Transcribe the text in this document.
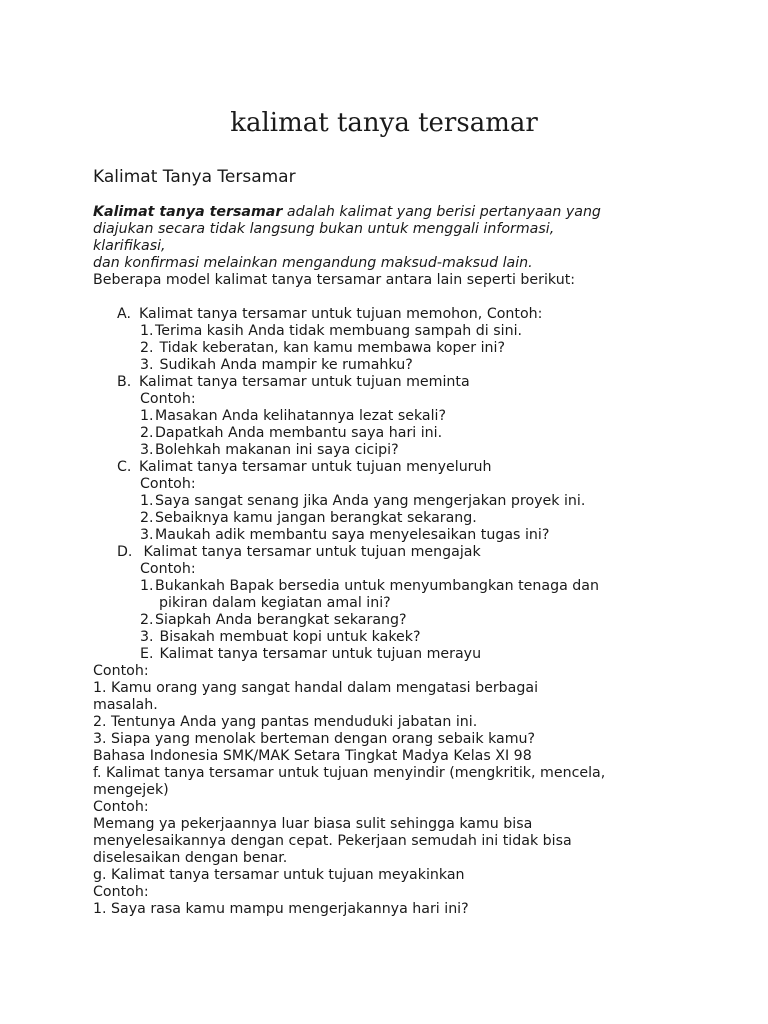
kalimat tanya tersamar
Kalimat Tanya Tersamar
Kalimat tanya tersamar adalah kalimat yang berisi pertanyaan yang
diajukan secara tidak langsung bukan untuk menggali informasi,
klarifikasi,
dan konfirmasi melainkan mengandung maksud-maksud lain.
Beberapa model kalimat tanya tersamar antara lain seperti berikut:
A. Kalimat tanya tersamar untuk tujuan memohon, Contoh:
1.Terima kasih Anda tidak membuang sampah di sini.
2. Tidak keberatan, kan kamu membawa koper ini?
3. Sudikah Anda mampir ke rumahku?
B. Kalimat tanya tersamar untuk tujuan meminta
Contoh:
1.Masakan Anda kelihatannya lezat sekali?
2.Dapatkah Anda membantu saya hari ini.
3.Bolehkah makanan ini saya cicipi?
C. Kalimat tanya tersamar untuk tujuan menyeluruh
Contoh:
1.Saya sangat senang jika Anda yang mengerjakan proyek ini.
2.Sebaiknya kamu jangan berangkat sekarang.
3.Maukah adik membantu saya menyelesaikan tugas ini?
D. Kalimat tanya tersamar untuk tujuan mengajak
Contoh:
1.Bukankah Bapak bersedia untuk menyumbangkan tenaga dan
pikiran dalam kegiatan amal ini?
2.Siapkah Anda berangkat sekarang?
3. Bisakah membuat kopi untuk kakek?
E. Kalimat tanya tersamar untuk tujuan merayu
Contoh:
1. Kamu orang yang sangat handal dalam mengatasi berbagai
masalah.
2. Tentunya Anda yang pantas menduduki jabatan ini.
3. Siapa yang menolak berteman dengan orang sebaik kamu?
Bahasa Indonesia SMK/MAK Setara Tingkat Madya Kelas XI 98
f. Kalimat tanya tersamar untuk tujuan menyindir (mengkritik, mencela,
mengejek)
Contoh:
Memang ya pekerjaannya luar biasa sulit sehingga kamu bisa
menyelesaikannya dengan cepat. Pekerjaan semudah ini tidak bisa
diselesaikan dengan benar.
g. Kalimat tanya tersamar untuk tujuan meyakinkan
Contoh:
1. Saya rasa kamu mampu mengerjakannya hari ini?
